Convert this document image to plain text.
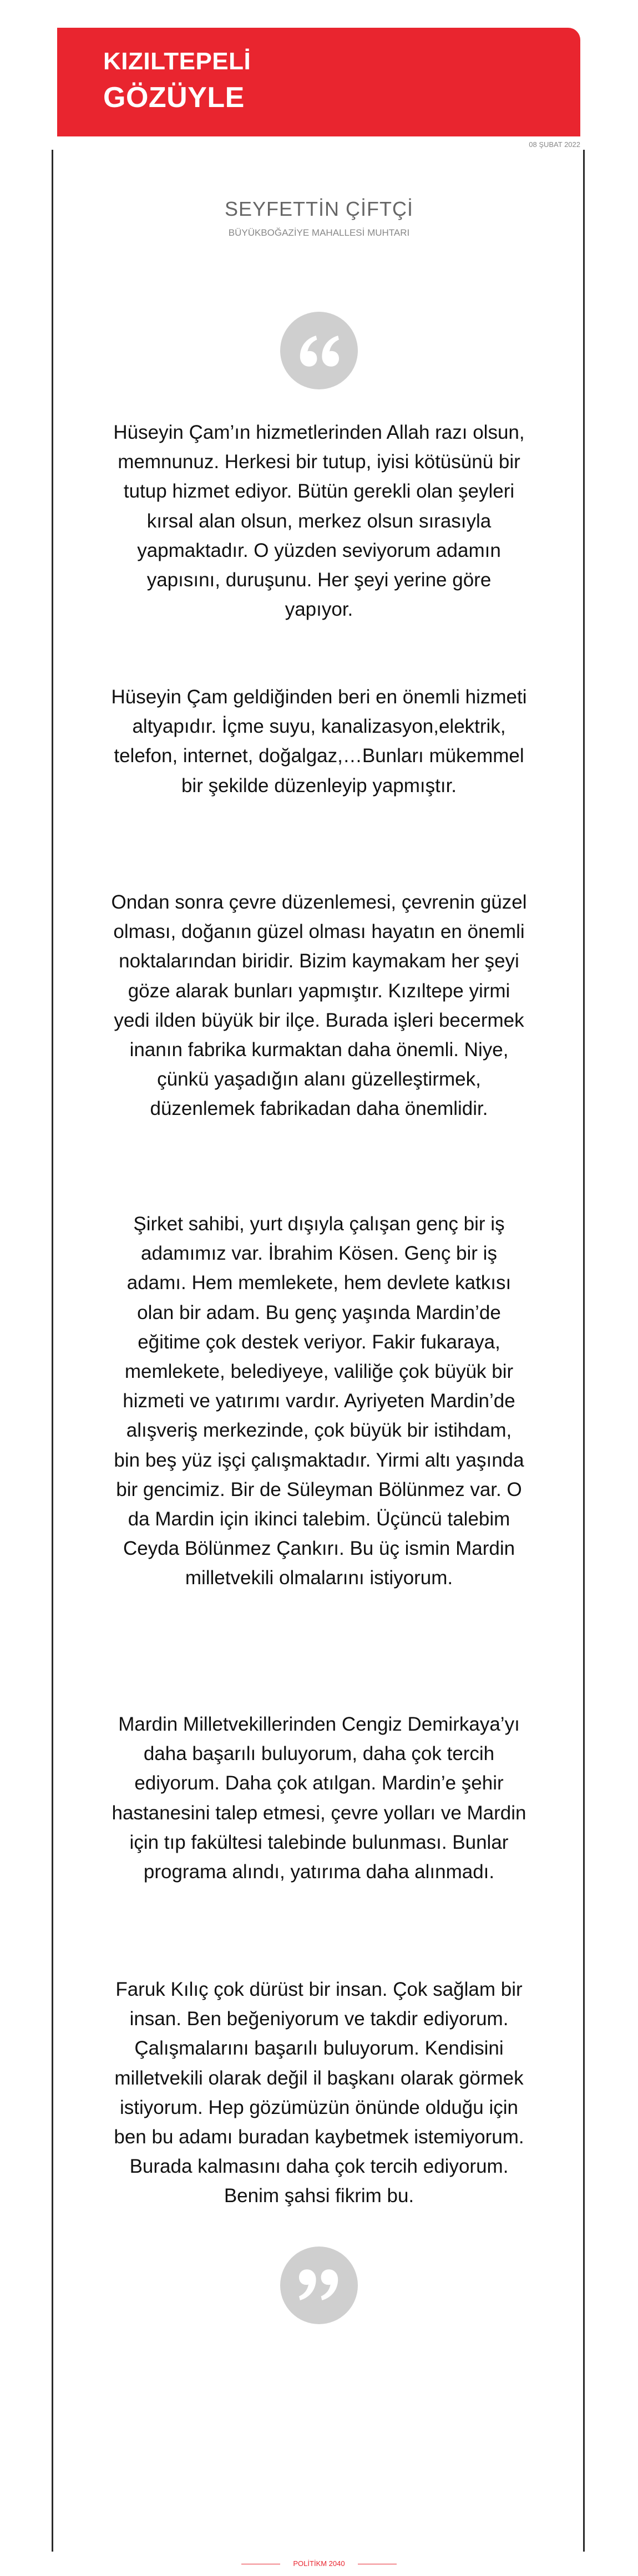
KIZILTEPELİ
GÖZÜYLE
08 ŞUBAT 2022
SEYFETTİN ÇİFTÇİ
BÜYÜKBOĞAZİYE MAHALLESİ MUHTARI

Hüseyin Çam’ın hizmetlerinden Allah razı olsun, memnunuz. Herkesi bir tutup, iyisi kötüsünü bir tutup hizmet ediyor. Bütün gerekli olan şeyleri kırsal alan olsun, merkez olsun sırasıyla yapmaktadır. O yüzden seviyorum adamın yapısını, duruşunu. Her şeyi yerine göre yapıyor.

Hüseyin Çam geldiğinden beri en önemli hizmeti altyapıdır. İçme suyu, kanalizasyon,elektrik, telefon, internet, doğalgaz,…Bunları mükemmel bir şekilde düzenleyip yapmıştır.

Ondan sonra çevre düzenlemesi, çevrenin güzel olması, doğanın güzel olması hayatın en önemli noktalarından biridir. Bizim kaymakam her şeyi göze alarak bunları yapmıştır. Kızıltepe yirmi yedi ilden büyük bir ilçe. Burada işleri becermek inanın fabrika kurmaktan daha önemli. Niye, çünkü yaşadığın alanı güzelleştirmek, düzenlemek fabrikadan daha önemlidir.

Şirket sahibi, yurt dışıyla çalışan genç bir iş adamımız var. İbrahim Kösen. Genç bir iş adamı. Hem memlekete, hem devlete katkısı olan bir adam. Bu genç yaşında Mardin’de eğitime çok destek veriyor. Fakir fukaraya, memlekete, belediyeye, valiliğe çok büyük bir hizmeti ve yatırımı vardır. Ayriyeten Mardin’de alışveriş merkezinde, çok büyük bir istihdam, bin beş yüz işçi çalışmaktadır. Yirmi altı yaşında bir gencimiz. Bir de Süleyman Bölünmez var. O da Mardin için ikinci talebim. Üçüncü talebim Ceyda Bölünmez Çankırı. Bu üç ismin Mardin milletvekili olmalarını istiyorum.

Mardin Milletvekillerinden Cengiz Demirkaya’yı daha başarılı buluyorum, daha çok tercih ediyorum. Daha çok atılgan. Mardin’e şehir hastanesini talep etmesi, çevre yolları ve Mardin için tıp fakültesi talebinde bulunması. Bunlar programa alındı, yatırıma daha alınmadı.

Faruk Kılıç çok dürüst bir insan. Çok sağlam bir insan. Ben beğeniyorum ve takdir ediyorum. Çalışmalarını başarılı buluyorum. Kendisini milletvekili olarak değil il başkanı olarak görmek istiyorum. Hep gözümüzün önünde olduğu için ben bu adamı buradan kaybetmek istemiyorum. Burada kalmasını daha çok tercih ediyorum. Benim şahsi fikrim bu.

POLİTİKM 2040
